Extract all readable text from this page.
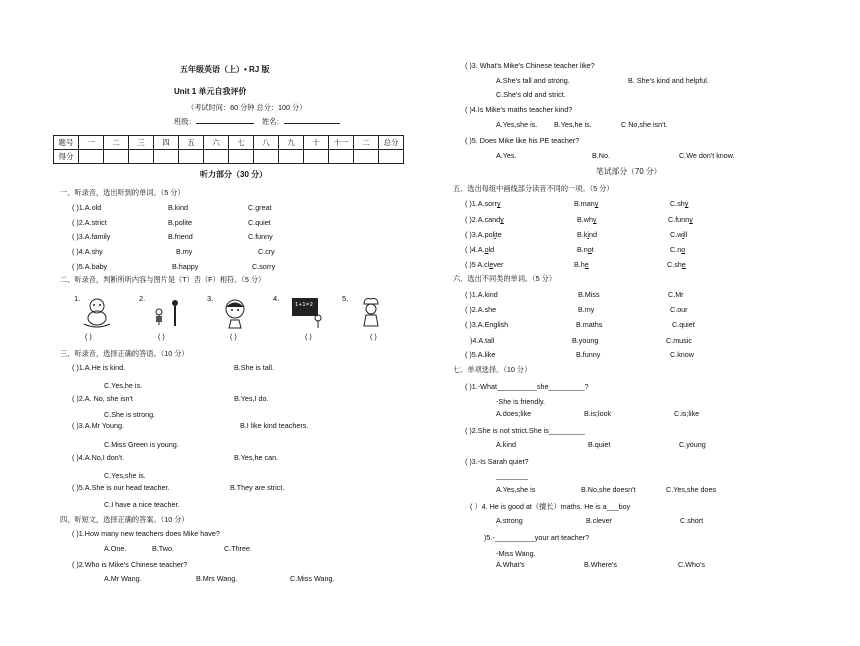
五年级英语（上）• RJ 版
Unit 1 单元自我评价
（考试时间：60 分钟 总分：100 分）
班级：	姓名：
题号	一	二	三	四	五	六	七	八	九	十	十一	二	总分
得分													
听力部分（30 分）
一、听录音，选出听到的单词。（5 分）
( )1.A.old	B.kind	C.great
( )2.A.strict	B.polite	C.quiet
( )3.A.family	B.friend	C.funny
( )4.A.shy	B.my	C.cry
( )5.A.baby	B.happy	C.sorry
二、听录音，判断所听内容与图片是（T）否（F）相符。（5 分）
1.
( )
2.
( )
3.
( )
4.
1+1=2
( )
5.
( )
三、听录音，选择正确的答语。（10 分）
( )1.A.He is kind.	B.She is tall.
C.Yes,he is.
( )2.A. No, she isn't	B.Yes,I do.
C.She is strong.
( )3.A.Mr Young.	B.I like kind teachers.
C.Miss Green is young.
( )4.A.No,I don't.	B.Yes,he can.
C.Yes,she is.
( )5.A.She is our head teacher.	B.They are strict.
C.I have a nice teacher.
四、听短文，选择正确的答案。（10 分）
( )1.How many new teachers does Mike have?
A.One.	B.Two.	C.Three.
( )2.Who is Mike's Chinese teacher?
A.Mr Wang.	B.Mrs Wang.	C.Miss Wang.
( )3. What's Mike's Chinese teacher like?
A.She's tall and strong.	B. She's kind and helpful.
C.She's old and strict.
( )4.Is Mike's maths teacher kind?
A.Yes,she is. B.Yes,he is.	C No,she isn't.
( )5. Does Mike like his PE teacher?
A.Yes.	B.No.	C.We don't know.
笔试部分（70 分）
五、选出每组中画线部分读音不同的一项。（5 分）
( )1.A.sorry	B.many	C.shy
( )2.A.candy	B.why	C.funny
( )3.A.polite	B.kind	C.will
( )4.A.old	B.not	C.no
( )5 A.clever	B.he	C.she
六、选出不同类的单词。（5 分）
( )1.A.kind	B.Miss	C.Mr
( )2.A.she	B.my	C.our
( )3.A.English	B.maths	C.quiet
)4.A.tall	B.young	C.music
( )5.A.like	B.funny	C.know
七、单项选择。（10 分）
( )1.-What__________she_________?
-She is friendly.
A.does;like	B.is;look	C.is;like
( )2.She is not strict.She is_________
A.kind	B.quiet	C.young
( )3.-Is Sarah quiet?
________
A.Yes,she is	B.No,she doesn't	C.Yes,she does
( ）4. He is good at（擅长）maths. He is a___boy
A.strong	B.clever	C.short
)5.-__________your art teacher?
-Miss Wang.
A.What's	B.Where's	C.Who's
